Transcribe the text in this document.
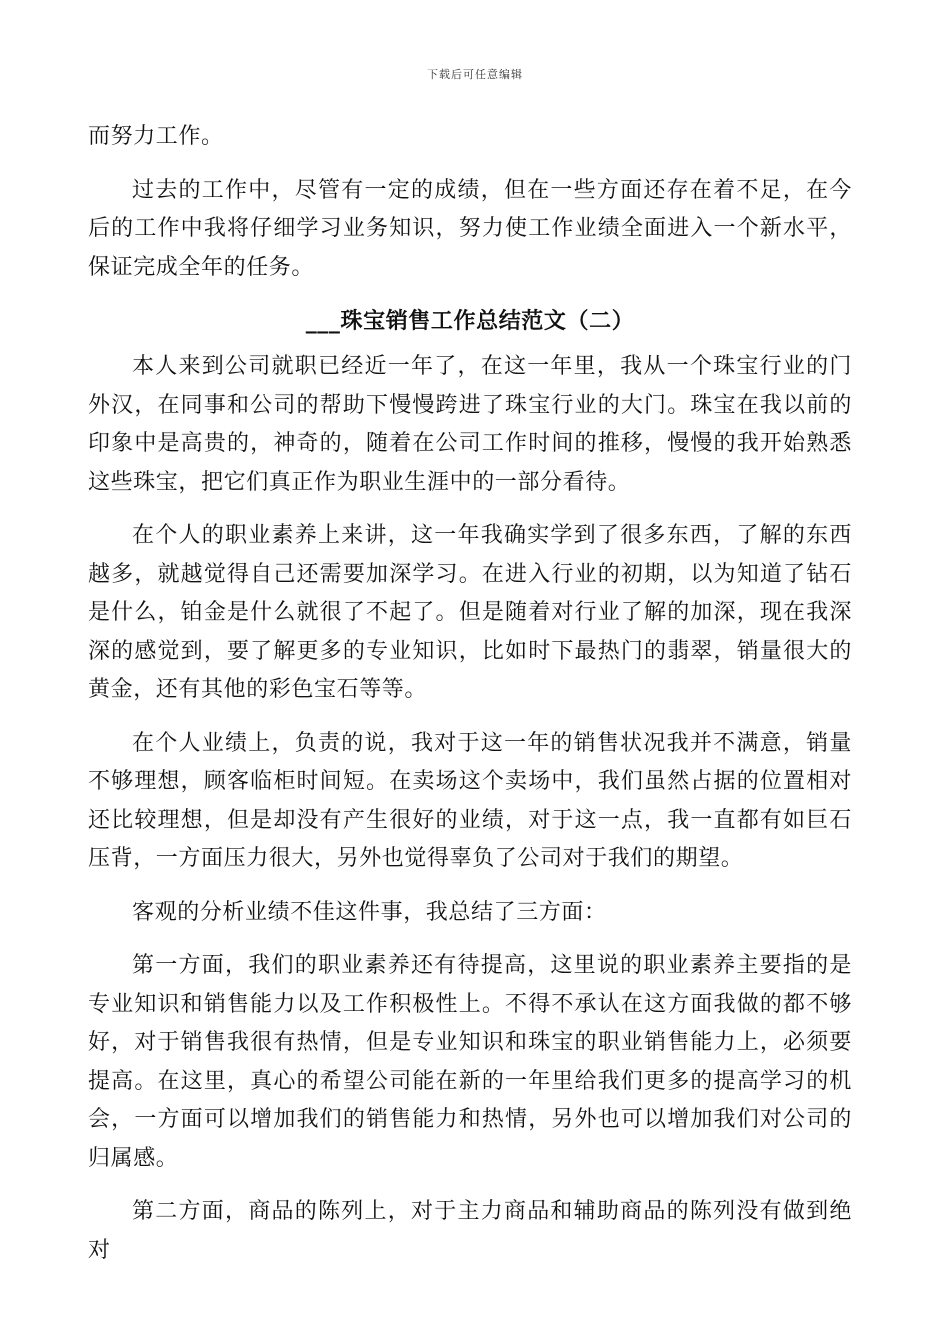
下载后可任意编辑

而努力工作。

过去的工作中，尽管有一定的成绩，但在一些方面还存在着不足，在今后的工作中我将仔细学习业务知识，努力使工作业绩全面进入一个新水平，保证完成全年的任务。

___珠宝销售工作总结范文（二）

本人来到公司就职已经近一年了，在这一年里，我从一个珠宝行业的门外汉，在同事和公司的帮助下慢慢跨进了珠宝行业的大门。珠宝在我以前的印象中是高贵的，神奇的，随着在公司工作时间的推移，慢慢的我开始熟悉这些珠宝，把它们真正作为职业生涯中的一部分看待。

在个人的职业素养上来讲，这一年我确实学到了很多东西，了解的东西越多，就越觉得自己还需要加深学习。在进入行业的初期，以为知道了钻石是什么，铂金是什么就很了不起了。但是随着对行业了解的加深，现在我深深的感觉到，要了解更多的专业知识，比如时下最热门的翡翠，销量很大的黄金，还有其他的彩色宝石等等。

在个人业绩上，负责的说，我对于这一年的销售状况我并不满意，销量不够理想，顾客临柜时间短。在卖场这个卖场中，我们虽然占据的位置相对还比较理想，但是却没有产生很好的业绩，对于这一点，我一直都有如巨石压背，一方面压力很大，另外也觉得辜负了公司对于我们的期望。

客观的分析业绩不佳这件事，我总结了三方面：

第一方面，我们的职业素养还有待提高，这里说的职业素养主要指的是专业知识和销售能力以及工作积极性上。不得不承认在这方面我做的都不够好，对于销售我很有热情，但是专业知识和珠宝的职业销售能力上，必须要提高。在这里，真心的希望公司能在新的一年里给我们更多的提高学习的机会，一方面可以增加我们的销售能力和热情，另外也可以增加我们对公司的归属感。

第二方面，商品的陈列上，对于主力商品和辅助商品的陈列没有做到绝对
